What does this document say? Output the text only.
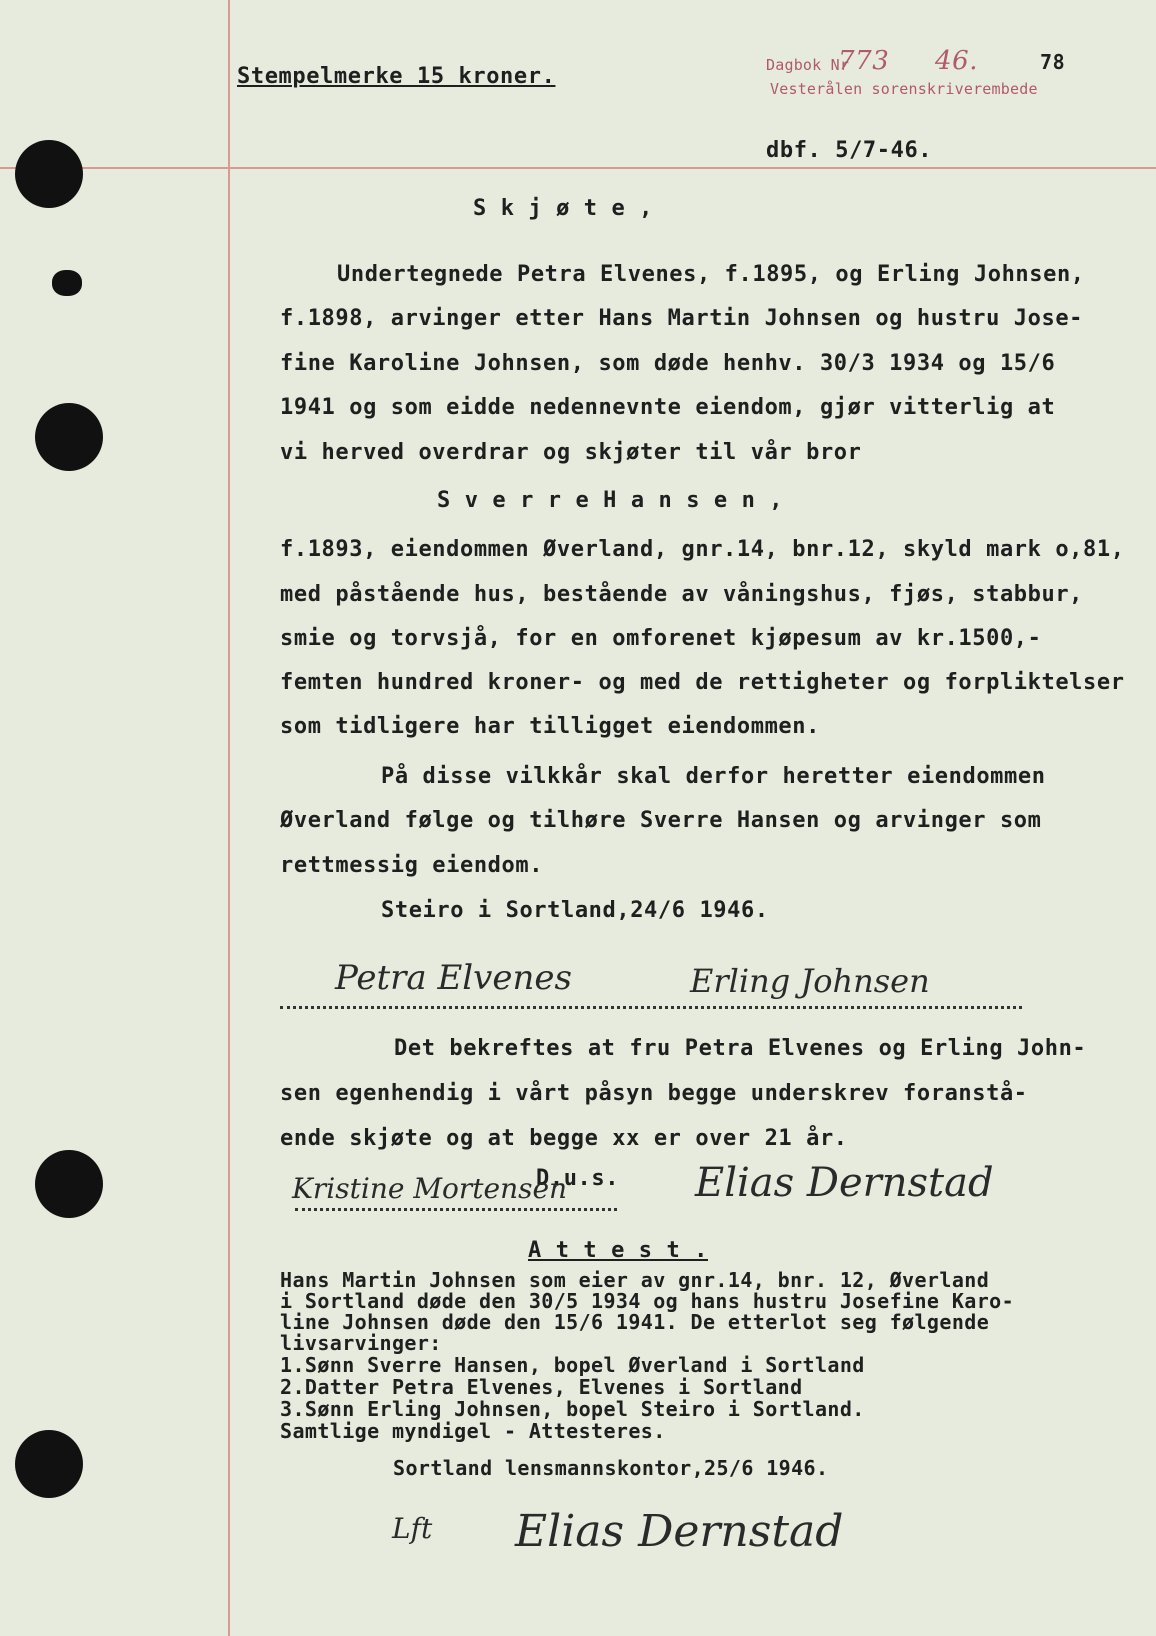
Stempelmerke 15 kroner.	Dagbok Nr
773 46.
Vesterålen sorenskriverembede
78
dbf. 5/7-46.
S k j ø t e ,
Undertegnede Petra Elvenes, f.1895, og Erling Johnsen,
f.1898, arvinger etter Hans Martin Johnsen og hustru Jose-
fine Karoline Johnsen, som døde henhv. 30/3 1934 og 15/6
1941 og som eidde nedennevnte eiendom, gjør vitterlig at
vi herved overdrar og skjøter til vår bror
S v e r r e H a n s e n ,
f.1893, eiendommen Øverland, gnr.14, bnr.12, skyld mark o,81,
med påstående hus, bestående av våningshus, fjøs, stabbur,
smie og torvsjå, for en omforenet kjøpesum av kr.1500,-
femten hundred kroner- og med de rettigheter og forpliktelser
som tidligere har tilligget eiendommen.
På disse vilkkår skal derfor heretter eiendommen
Øverland følge og tilhøre Sverre Hansen og arvinger som
rettmessig eiendom.
Steiro i Sortland,24/6 1946.
Petra Elvenes	Erling Johnsen
Det bekreftes at fru Petra Elvenes og Erling John-
sen egenhendig i vårt påsyn begge underskrev foranstå-
ende skjøte og at begge xx er over 21 år.
D.u.s.
Kristine Mortensen	Elias Dernstad
A t t e s t .
Hans Martin Johnsen som eier av gnr.14, bnr. 12, Øverland
i Sortland døde den 30/5 1934 og hans hustru Josefine Karo-
line Johnsen døde den 15/6 1941. De etterlot seg følgende
livsarvinger:
1.Sønn Sverre Hansen, bopel Øverland i Sortland
2.Datter Petra Elvenes, Elvenes i Sortland
3.Sønn Erling Johnsen, bopel Steiro i Sortland.
Samtlige myndigel - Attesteres.
Sortland lensmannskontor,25/6 1946.
Lft Elias Dernstad
